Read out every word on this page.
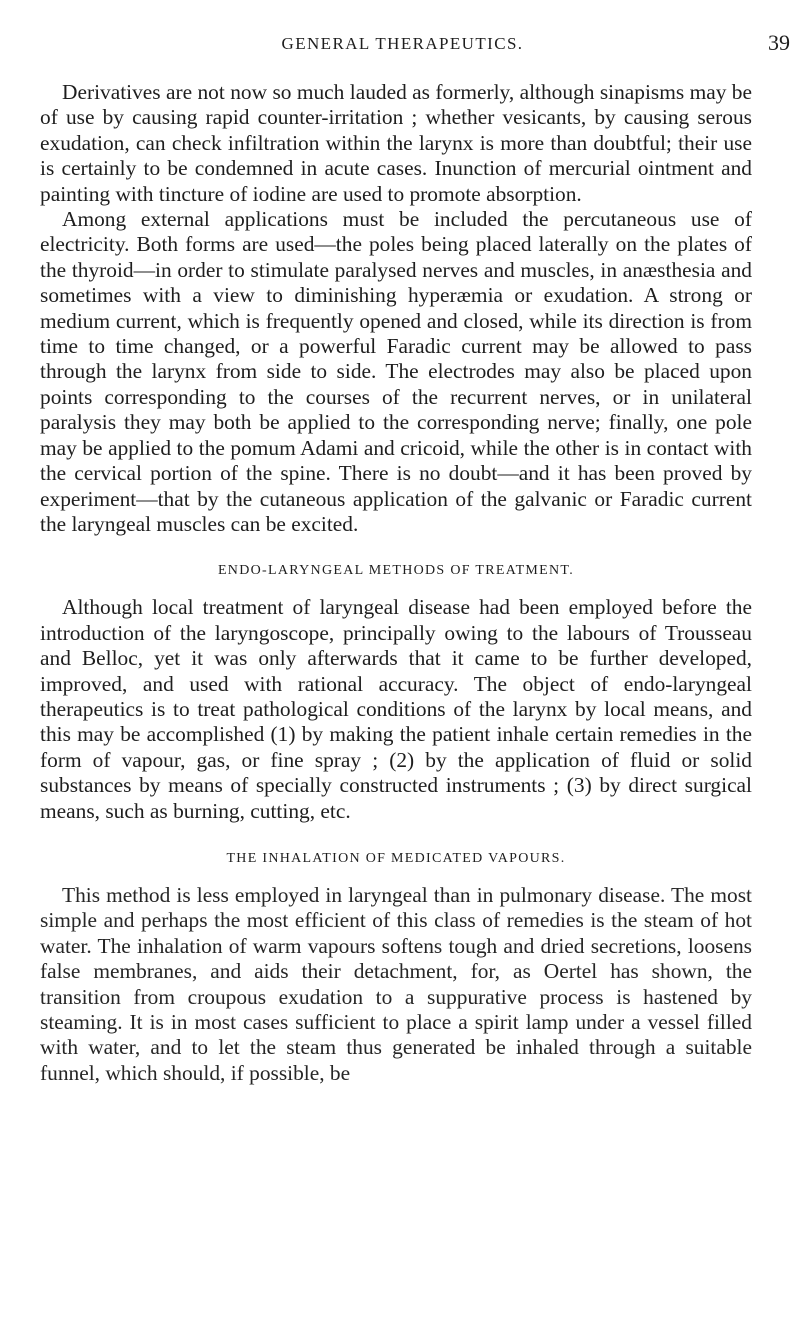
GENERAL THERAPEUTICS.	39

Derivatives are not now so much lauded as formerly, although sinapisms may be of use by causing rapid counter-irritation ; whether vesicants, by causing serous exudation, can check infiltration within the larynx is more than doubtful; their use is certainly to be condemned in acute cases. Inunction of mercurial ointment and painting with tincture of iodine are used to promote absorption.

Among external applications must be included the percutaneous use of electricity. Both forms are used—the poles being placed laterally on the plates of the thyroid—in order to stimulate paralysed nerves and muscles, in anæsthesia and sometimes with a view to diminishing hyperæmia or exudation. A strong or medium current, which is frequently opened and closed, while its direction is from time to time changed, or a powerful Faradic current may be allowed to pass through the larynx from side to side. The electrodes may also be placed upon points corresponding to the courses of the recurrent nerves, or in unilateral paralysis they may both be applied to the corresponding nerve; finally, one pole may be applied to the pomum Adami and cricoid, while the other is in contact with the cervical portion of the spine. There is no doubt—and it has been proved by experiment—that by the cutaneous application of the galvanic or Faradic current the laryngeal muscles can be excited.

ENDO-LARYNGEAL METHODS OF TREATMENT.

Although local treatment of laryngeal disease had been employed before the introduction of the laryngoscope, principally owing to the labours of Trousseau and Belloc, yet it was only afterwards that it came to be further developed, improved, and used with rational accuracy. The object of endo-laryngeal therapeutics is to treat pathological conditions of the larynx by local means, and this may be accomplished (1) by making the patient inhale certain remedies in the form of vapour, gas, or fine spray ; (2) by the application of fluid or solid substances by means of specially constructed instruments ; (3) by direct surgical means, such as burning, cutting, etc.

THE INHALATION OF MEDICATED VAPOURS.

This method is less employed in laryngeal than in pulmonary disease. The most simple and perhaps the most efficient of this class of remedies is the steam of hot water. The inhalation of warm vapours softens tough and dried secretions, loosens false membranes, and aids their detachment, for, as Oertel has shown, the transition from croupous exudation to a suppurative process is hastened by steaming. It is in most cases sufficient to place a spirit lamp under a vessel filled with water, and to let the steam thus generated be inhaled through a suitable funnel, which should, if possible, be
